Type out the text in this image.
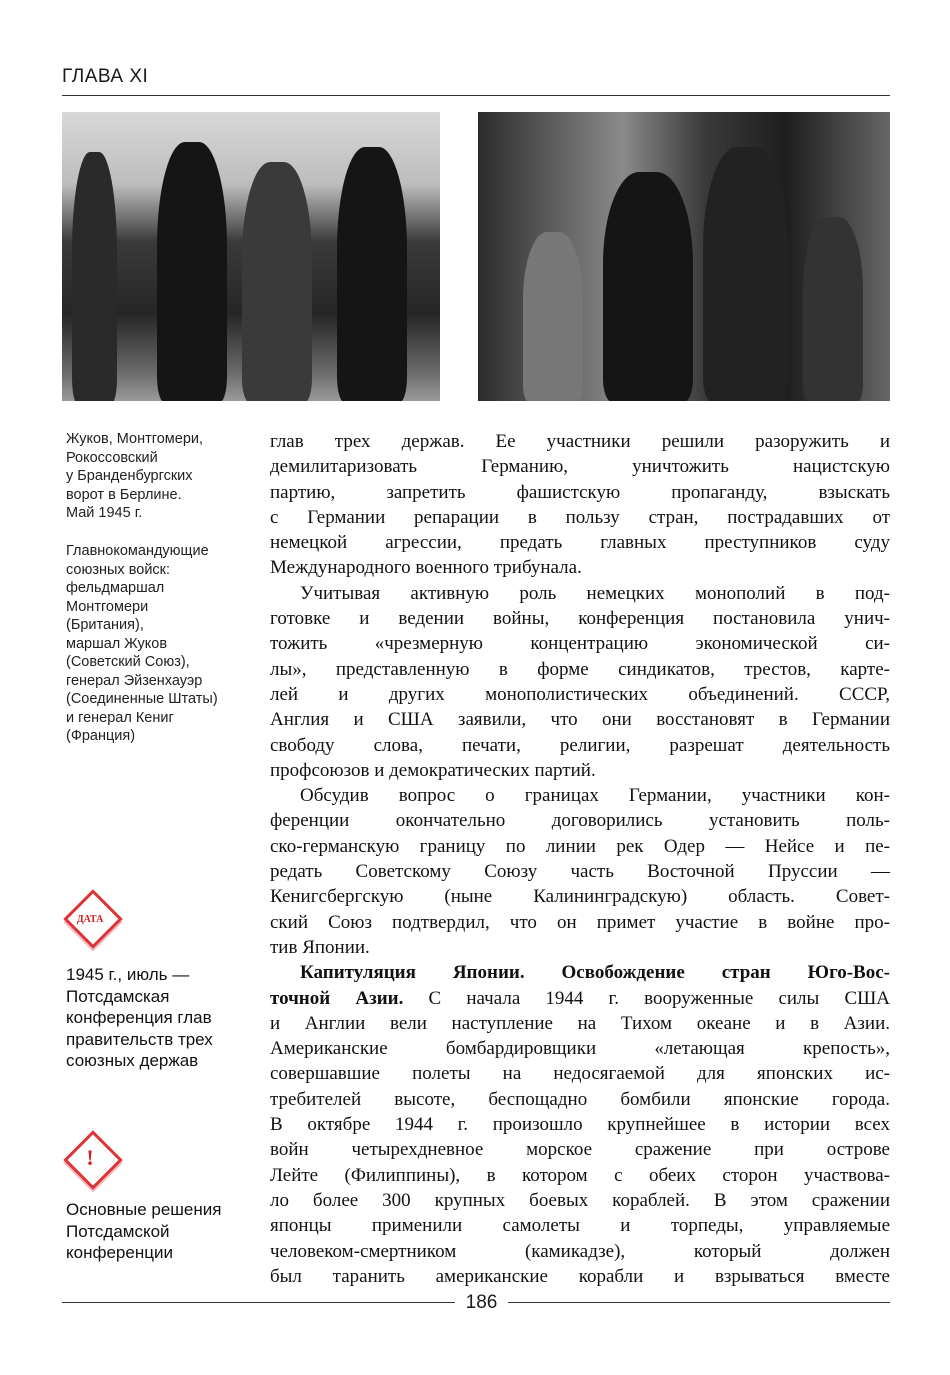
ГЛАВА XI
Жуков, Монтгомери,
Рокоссовский
у Бранденбургских
ворот в Берлине.
Май 1945 г.
Главнокомандующие
союзных войск:
фельдмаршал
Монтгомери
(Британия),
маршал Жуков
(Советский Союз),
генерал Эйзенхауэр
(Соединенные Штаты)
и генерал Кениг
(Франция)
ДАТА
1945 г., июль —
Потсдамская
конференция глав
правительств трех
союзных держав
!
Основные решения
Потсдамской
конференции
глав трех держав. Ее участники решили разоружить и
демилитаризовать Германию, уничтожить нацистскую
партию, запретить фашистскую пропаганду, взыскать
с Германии репарации в пользу стран, пострадавших от
немецкой агрессии, предать главных преступников суду
Международного военного трибунала.
Учитывая активную роль немецких монополий в под-
готовке и ведении войны, конференция постановила унич-
тожить «чрезмерную концентрацию экономической си-
лы», представленную в форме синдикатов, трестов, карте-
лей и других монополистических объединений. СССР,
Англия и США заявили, что они восстановят в Германии
свободу слова, печати, религии, разрешат деятельность
профсоюзов и демократических партий.
Обсудив вопрос о границах Германии, участники кон-
ференции окончательно договорились установить поль-
ско-германскую границу по линии рек Одер — Нейсе и пе-
редать Советскому Союзу часть Восточной Пруссии —
Кенигсбергскую (ныне Калининградскую) область. Совет-
ский Союз подтвердил, что он примет участие в войне про-
тив Японии.
Капитуляция Японии. Освобождение стран Юго-Вос-
точной Азии. С начала 1944 г. вооруженные силы США
и Англии вели наступление на Тихом океане и в Азии.
Американские бомбардировщики «летающая крепость»,
совершавшие полеты на недосягаемой для японских ис-
требителей высоте, беспощадно бомбили японские города.
В октябре 1944 г. произошло крупнейшее в истории всех
войн четырехдневное морское сражение при острове
Лейте (Филиппины), в котором с обеих сторон участвова-
ло более 300 крупных боевых кораблей. В этом сражении
японцы применили самолеты и торпеды, управляемые
человеком-смертником (камикадзе), который должен
был таранить американские корабли и взрываться вместе
186
